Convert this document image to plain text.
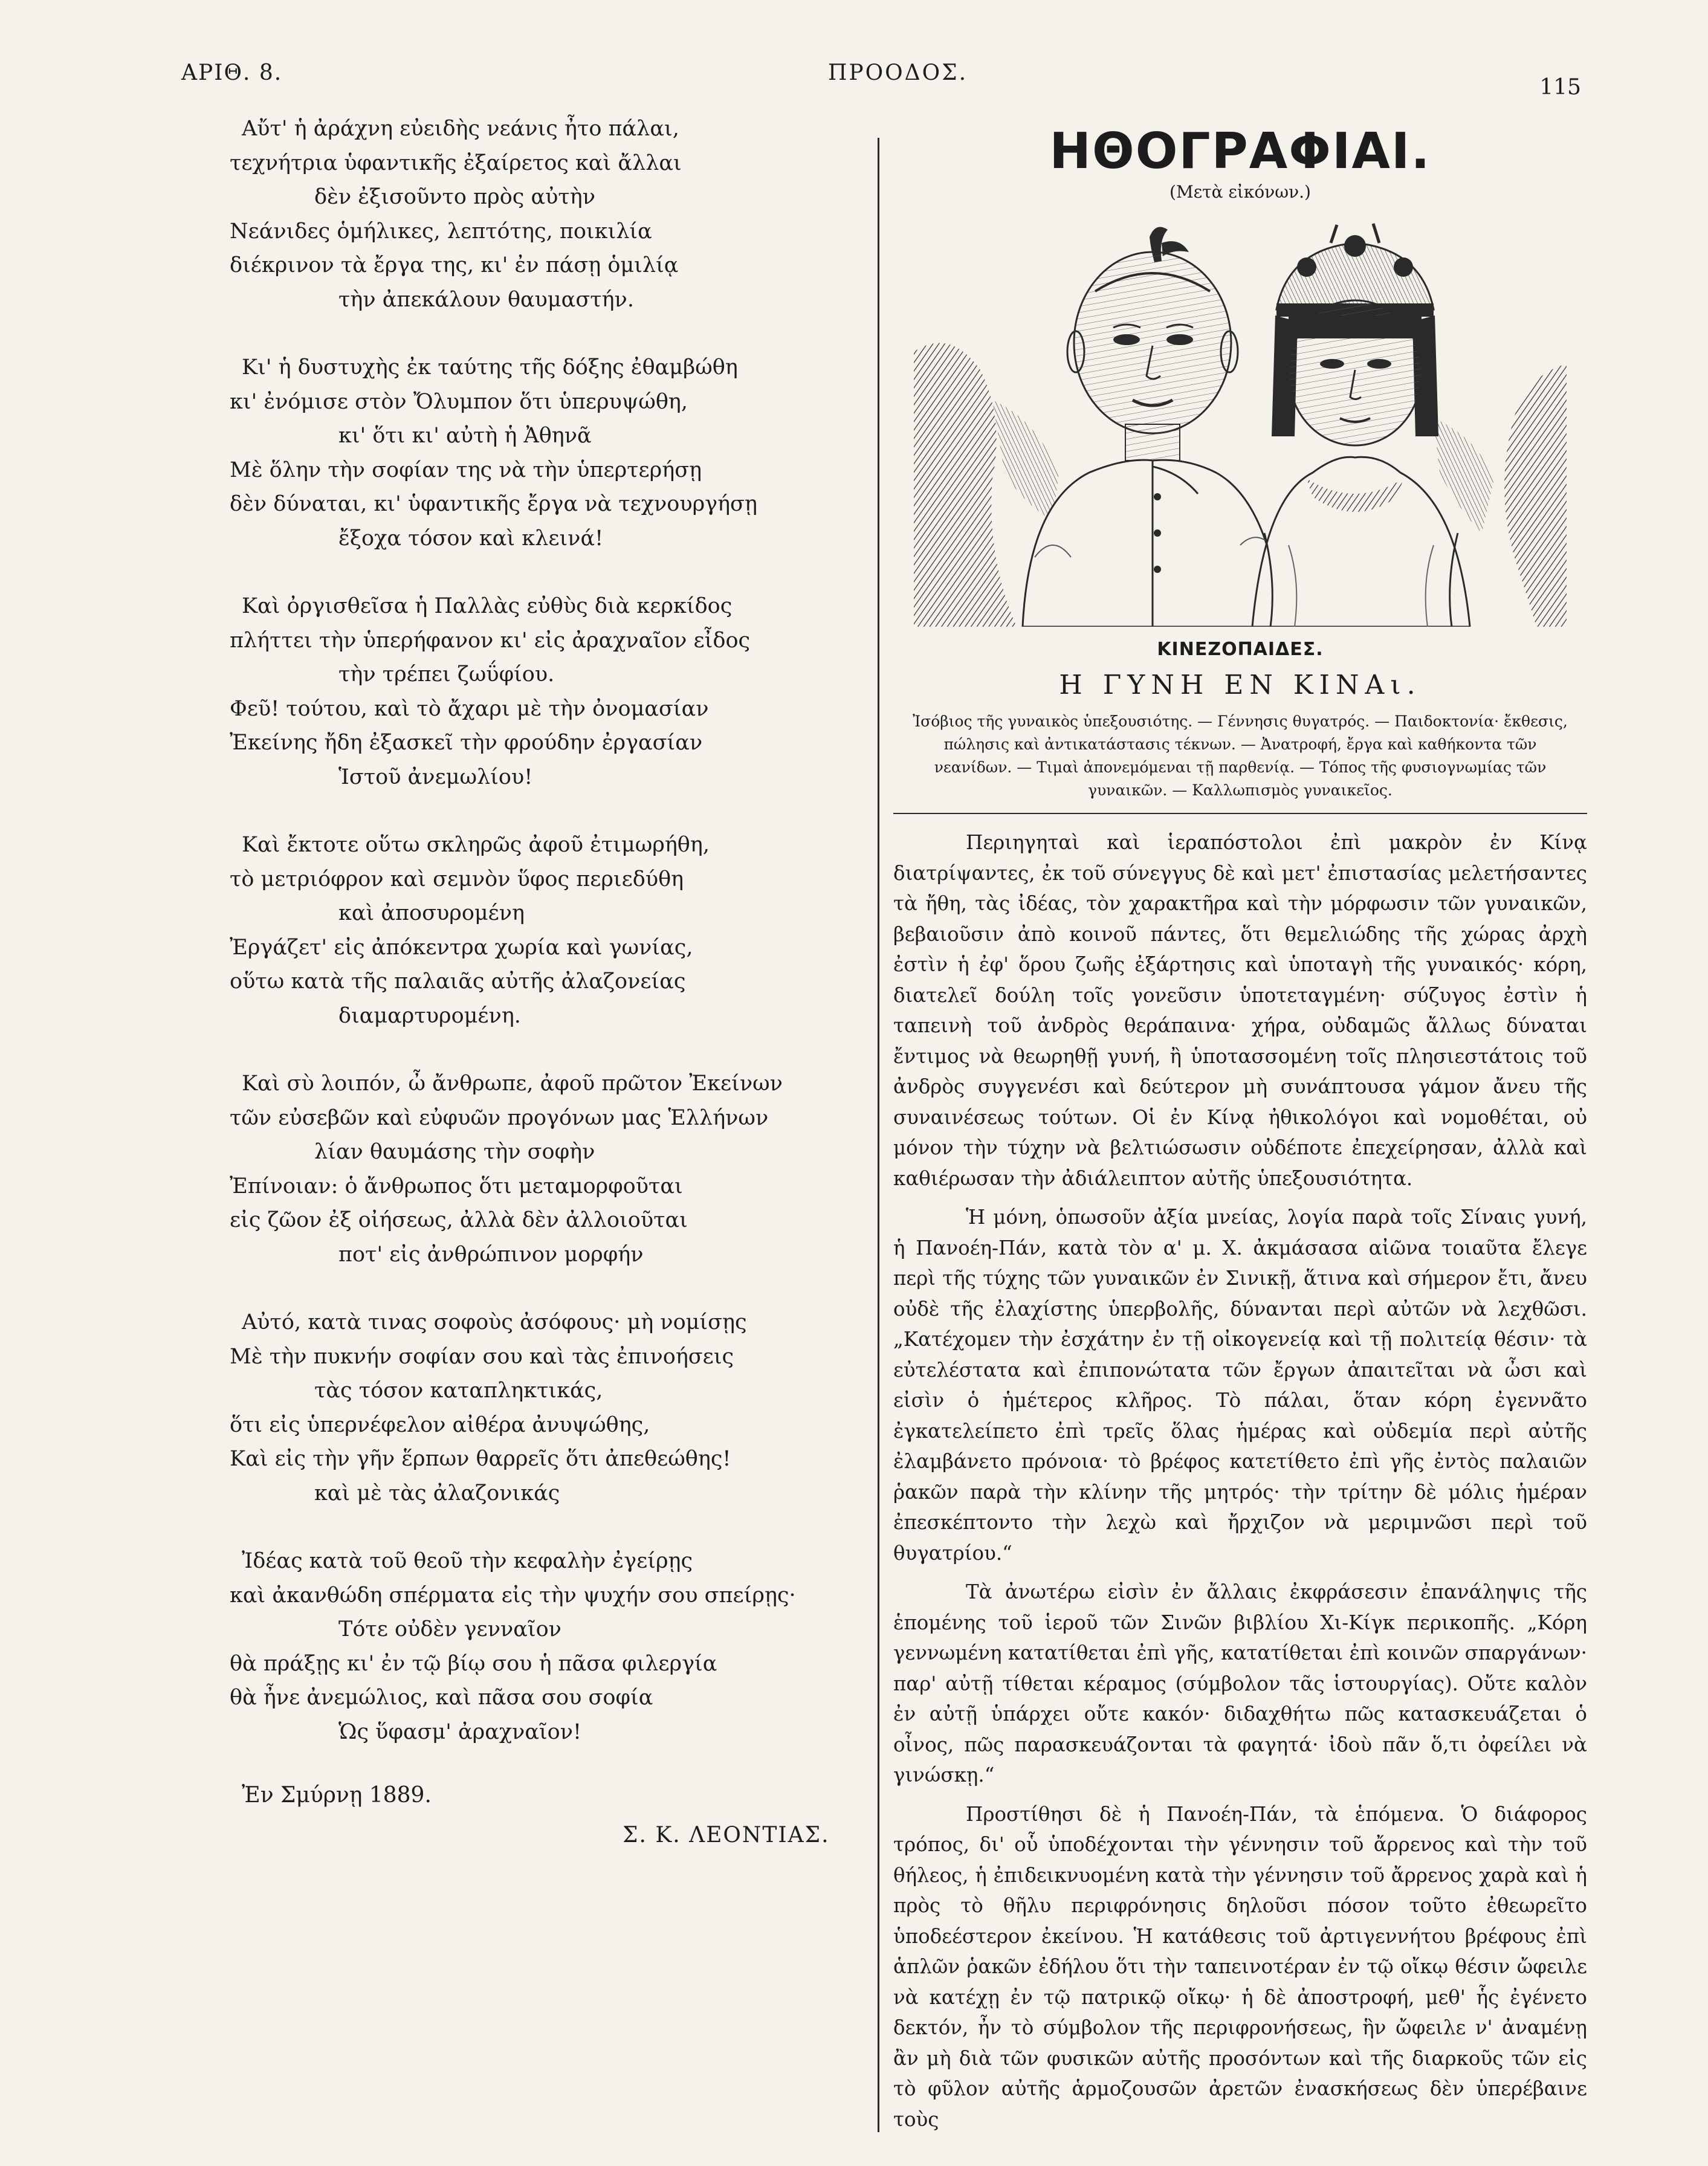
ΑΡΙΘ. 8.	ΠΡΟΟΔΟΣ.
115
Αὔτ' ἡ ἀράχνη εὐειδὴς νεάνις ἦτο πάλαι,
τεχνήτρια ὑφαντικῆς ἐξαίρετος καὶ ἄλλαι
δὲν ἐξισοῦντο πρὸς αὐτὴν
Νεάνιδες ὁμήλικες, λεπτότης, ποικιλία
διέκρινον τὰ ἔργα της, κι' ἐν πάσῃ ὁμιλίᾳ
τὴν ἀπεκάλουν θαυμαστήν.
Κι' ἡ δυστυχὴς ἐκ ταύτης τῆς δόξης ἐθαμβώθη
κι' ἐνόμισε στὸν Ὄλυμπον ὅτι ὑπερυψώθη,
κι' ὅτι κι' αὐτὴ ἡ Ἀθηνᾶ
Μὲ ὅλην τὴν σοφίαν της νὰ τὴν ὑπερτερήσῃ
δὲν δύναται, κι' ὑφαντικῆς ἔργα νὰ τεχνουργήσῃ
ἔξοχα τόσον καὶ κλεινά!
Καὶ ὀργισθεῖσα ἡ Παλλὰς εὐθὺς διὰ κερκίδος
πλήττει τὴν ὑπερήφανον κι' εἰς ἀραχναῖον εἶδος
τὴν τρέπει ζωΰφίου.
Φεῦ! τούτου, καὶ τὸ ἄχαρι μὲ τὴν ὀνομασίαν
Ἐκείνης ἤδη ἐξασκεῖ τὴν φρούδην ἐργασίαν
Ἱστοῦ ἀνεμωλίου!
Καὶ ἔκτοτε οὕτω σκληρῶς ἀφοῦ ἐτιμωρήθη,
τὸ μετριόφρον καὶ σεμνὸν ὕφος περιεδύθη
καὶ ἀποσυρομένη
Ἐργάζετ' εἰς ἀπόκεντρα χωρία καὶ γωνίας,
οὕτω κατὰ τῆς παλαιᾶς αὐτῆς ἀλαζονείας
διαμαρτυρομένη.
Καὶ σὺ λοιπόν, ὦ ἄνθρωπε, ἀφοῦ πρῶτον Ἐκείνων
τῶν εὐσεβῶν καὶ εὐφυῶν προγόνων μας Ἑλλήνων
λίαν θαυμάσης τὴν σοφὴν
Ἐπίνοιαν: ὁ ἄνθρωπος ὅτι μεταμορφοῦται
εἰς ζῶον ἐξ οἰήσεως, ἀλλὰ δὲν ἀλλοιοῦται
ποτ' εἰς ἀνθρώπινον μορφήν
Αὐτό, κατὰ τινας σοφοὺς ἀσόφους· μὴ νομίσῃς
Μὲ τὴν πυκνήν σοφίαν σου καὶ τὰς ἐπινοήσεις
τὰς τόσον καταπληκτικάς,
ὅτι εἰς ὑπερνέφελον αἰθέρα ἀνυψώθης,
Καὶ εἰς τὴν γῆν ἕρπων θαρρεῖς ὅτι ἀπεθεώθης!
καὶ μὲ τὰς ἀλαζονικάς
Ἰδέας κατὰ τοῦ θεοῦ τὴν κεφαλὴν ἐγείρῃς
καὶ ἀκανθώδη σπέρματα εἰς τὴν ψυχήν σου σπείρῃς·
Τότε οὐδὲν γενναῖον
θὰ πράξῃς κι' ἐν τῷ βίῳ σου ἡ πᾶσα φιλεργία
θὰ ἦνε ἀνεμώλιος, καὶ πᾶσα σου σοφία
Ὡς ὕφασμ' ἀραχναῖον!
Ἐν Σμύρνῃ 1889.
Σ. Κ. ΛΕΟΝΤΙΑΣ.
ΗΘΟΓΡΑΦΙΑΙ.
(Μετὰ εἰκόνων.)
ΚΙΝΕΖΟΠΑΙΔΕΣ.
Η ΓΥΝΗ ΕΝ ΚΙΝΑι.
Ἰσόβιος τῆς γυναικὸς ὑπεξουσιότης. — Γέννησις θυγατρός. — Παιδοκτονία· ἔκθεσις, πώλησις καὶ ἀντικατάστασις τέκνων. — Ἀνατροφή, ἔργα καὶ καθήκοντα τῶν νεανίδων. — Τιμαὶ ἀπονεμόμεναι τῇ παρθενίᾳ. — Τόπος τῆς φυσιογνωμίας τῶν γυναικῶν. — Καλλωπισμὸς γυναικεῖος.

Περιηγηταὶ καὶ ἱεραπόστολοι ἐπὶ μακρὸν ἐν Κίνᾳ διατρίψαντες, ἐκ τοῦ σύνεγγυς δὲ καὶ μετ' ἐπιστασίας μελετήσαντες τὰ ἤθη, τὰς ἰδέας, τὸν χαρακτῆρα καὶ τὴν μόρφωσιν τῶν γυναικῶν, βεβαιοῦσιν ἀπὸ κοινοῦ πάντες, ὅτι θεμελιώδης τῆς χώρας ἀρχὴ ἐστὶν ἡ ἐφ' ὅρου ζωῆς ἐξάρτησις καὶ ὑποταγὴ τῆς γυναικός· κόρη, διατελεῖ δούλη τοῖς γονεῦσιν ὑποτεταγμένη· σύζυγος ἐστὶν ἡ ταπεινὴ τοῦ ἀνδρὸς θεράπαινα· χήρα, οὐδαμῶς ἄλλως δύναται ἔντιμος νὰ θεωρηθῇ γυνή, ἢ ὑποτασσομένη τοῖς πλησιεστάτοις τοῦ ἀνδρὸς συγγενέσι καὶ δεύτερον μὴ συνάπτουσα γάμον ἄνευ τῆς συναινέσεως τούτων. Οἱ ἐν Κίνᾳ ἠθικολόγοι καὶ νομοθέται, οὐ μόνον τὴν τύχην νὰ βελτιώσωσιν οὐδέποτε ἐπεχείρησαν, ἀλλὰ καὶ καθιέρωσαν τὴν ἀδιάλειπτον αὐτῆς ὑπεξουσιότητα.

Ἡ μόνη, ὁπωσοῦν ἀξία μνείας, λογία παρὰ τοῖς Σίναις γυνή, ἡ Πανοέη-Πάν, κατὰ τὸν α' μ. Χ. ἀκμάσασα αἰῶνα τοιαῦτα ἔλεγε περὶ τῆς τύχης τῶν γυναικῶν ἐν Σινικῇ, ἅτινα καὶ σήμερον ἔτι, ἄνευ οὐδὲ τῆς ἐλαχίστης ὑπερβολῆς, δύνανται περὶ αὐτῶν νὰ λεχθῶσι. „Κατέχομεν τὴν ἐσχάτην ἐν τῇ οἰκογενείᾳ καὶ τῇ πολιτείᾳ θέσιν· τὰ εὐτελέστατα καὶ ἐπιπονώτατα τῶν ἔργων ἀπαιτεῖται νὰ ὦσι καὶ εἰσὶν ὁ ἡμέτερος κλῆρος. Τὸ πάλαι, ὅταν κόρη ἐγεννᾶτο ἐγκατελείπετο ἐπὶ τρεῖς ὅλας ἡμέρας καὶ οὐδεμία περὶ αὐτῆς ἐλαμβάνετο πρόνοια· τὸ βρέφος κατετίθετο ἐπὶ γῆς ἐντὸς παλαιῶν ῥακῶν παρὰ τὴν κλίνην τῆς μητρός· τὴν τρίτην δὲ μόλις ἡμέραν ἐπεσκέπτοντο τὴν λεχὼ καὶ ἤρχιζον νὰ μεριμνῶσι περὶ τοῦ θυγατρίου.“

Τὰ ἀνωτέρω εἰσὶν ἐν ἄλλαις ἐκφράσεσιν ἐπανάληψις τῆς ἑπομένης τοῦ ἱεροῦ τῶν Σινῶν βιβλίου Χι-Κίγκ περικοπῆς. „Κόρη γεννωμένη κατατίθεται ἐπὶ γῆς, κατατίθεται ἐπὶ κοινῶν σπαργάνων· παρ' αὐτῇ τίθεται κέραμος (σύμβολον τᾶς ἱστουργίας). Οὔτε καλὸν ἐν αὐτῇ ὑπάρχει οὔτε κακόν· διδαχθήτω πῶς κατασκευάζεται ὁ οἶνος, πῶς παρασκευάζονται τὰ φαγητά· ἰδοὺ πᾶν ὅ,τι ὀφείλει νὰ γινώσκῃ.“

Προστίθησι δὲ ἡ Πανοέη-Πάν, τὰ ἑπόμενα. Ὁ διάφορος τρόπος, δι' οὗ ὑποδέχονται τὴν γέννησιν τοῦ ἄρρενος καὶ τὴν τοῦ θήλεος, ἡ ἐπιδεικνυομένη κατὰ τὴν γέννησιν τοῦ ἄρρενος χαρὰ καὶ ἡ πρὸς τὸ θῆλυ περιφρόνησις δηλοῦσι πόσον τοῦτο ἐθεωρεῖτο ὑποδεέστερον ἐκείνου. Ἡ κατάθεσις τοῦ ἀρτιγεννήτου βρέφους ἐπὶ ἁπλῶν ῥακῶν ἐδήλου ὅτι τὴν ταπεινοτέραν ἐν τῷ οἴκῳ θέσιν ὤφειλε νὰ κατέχῃ ἐν τῷ πατρικῷ οἴκῳ· ἡ δὲ ἀποστροφή, μεθ' ἧς ἐγένετο δεκτόν, ἦν τὸ σύμβολον τῆς περιφρονήσεως, ἣν ὤφειλε ν' ἀναμένῃ ἂν μὴ διὰ τῶν φυσικῶν αὐτῆς προσόντων καὶ τῆς διαρκοῦς τῶν εἰς τὸ φῦλον αὐτῆς ἁρμοζουσῶν ἀρετῶν ἐνασκήσεως δὲν ὑπερέβαινε τοὺς
